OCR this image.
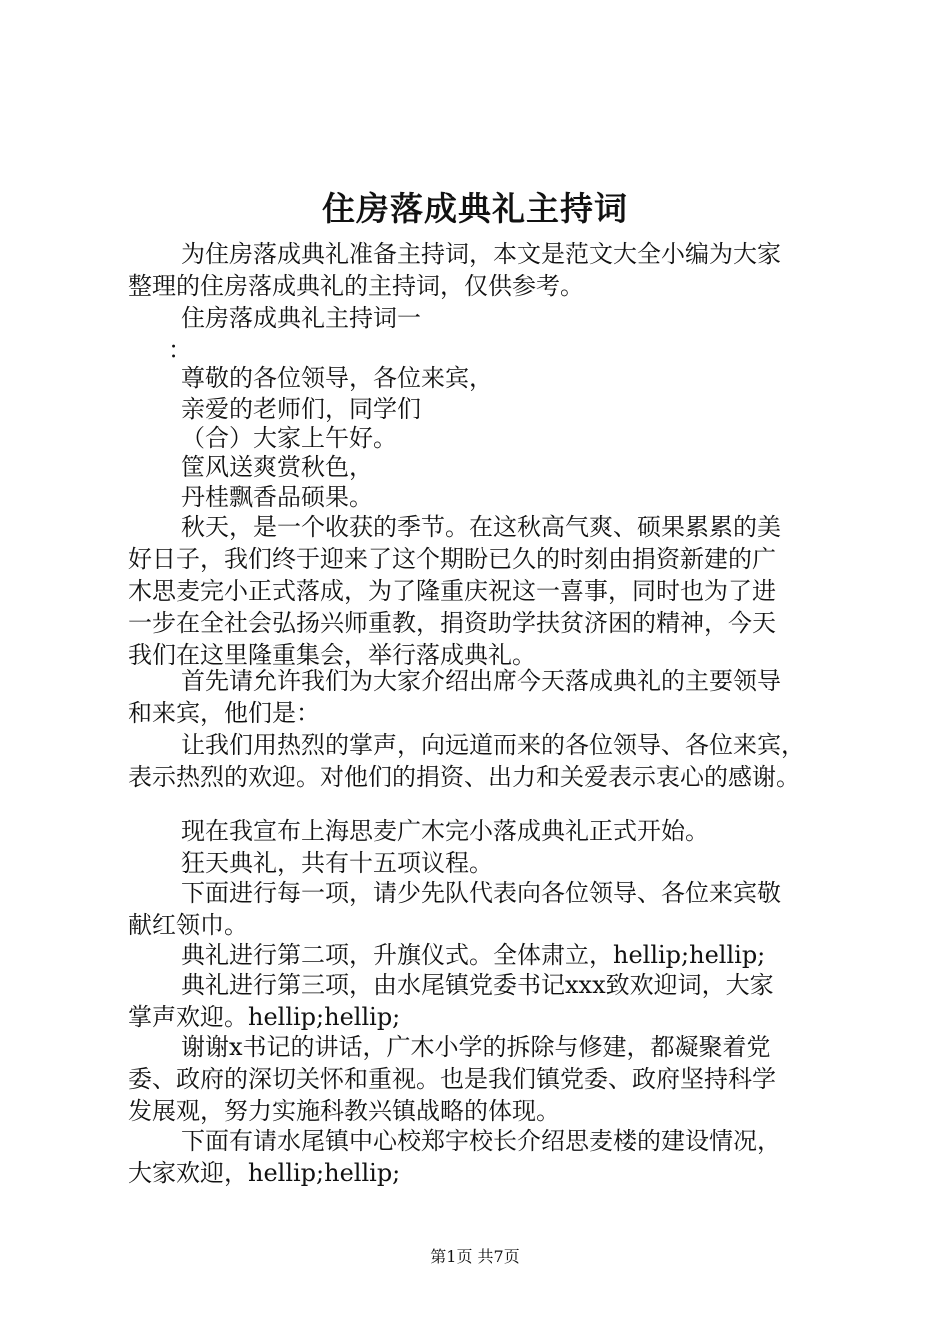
住房落成典礼主持词
为住房落成典礼准备主持词，本文是范文大全小编为大家
整理的住房落成典礼的主持词，仅供参考。
住房落成典礼主持词一
：
尊敬的各位领导，各位来宾，
亲爱的老师们，同学们
（合）大家上午好。
筐风送爽赏秋色，
丹桂飘香品硕果。
秋天，是一个收获的季节。在这秋高气爽、硕果累累的美
好日子，我们终于迎来了这个期盼已久的时刻由捐资新建的广
木思麦完小正式落成，为了隆重庆祝这一喜事，同时也为了进
一步在全社会弘扬兴师重教，捐资助学扶贫济困的精神，今天
我们在这里隆重集会，举行落成典礼。
首先请允许我们为大家介绍出席今天落成典礼的主要领导
和来宾，他们是：
让我们用热烈的掌声，向远道而来的各位领导、各位来宾，
表示热烈的欢迎。对他们的捐资、出力和关爱表示衷心的感谢。
现在我宣布上海思麦广木完小落成典礼正式开始。
狂天典礼，共有十五项议程。
下面进行每一项，请少先队代表向各位领导、各位来宾敬
献红领巾。
典礼进行第二项，升旗仪式。全体肃立，hellip;hellip;
典礼进行第三项，由水尾镇党委书记xxx致欢迎词，大家
掌声欢迎。hellip;hellip;
谢谢x书记的讲话，广木小学的拆除与修建，都凝聚着党
委、政府的深切关怀和重视。也是我们镇党委、政府坚持科学
发展观，努力实施科教兴镇战略的体现。
下面有请水尾镇中心校郑宇校长介绍思麦楼的建设情况，
大家欢迎，hellip;hellip;
第1页 共7页
